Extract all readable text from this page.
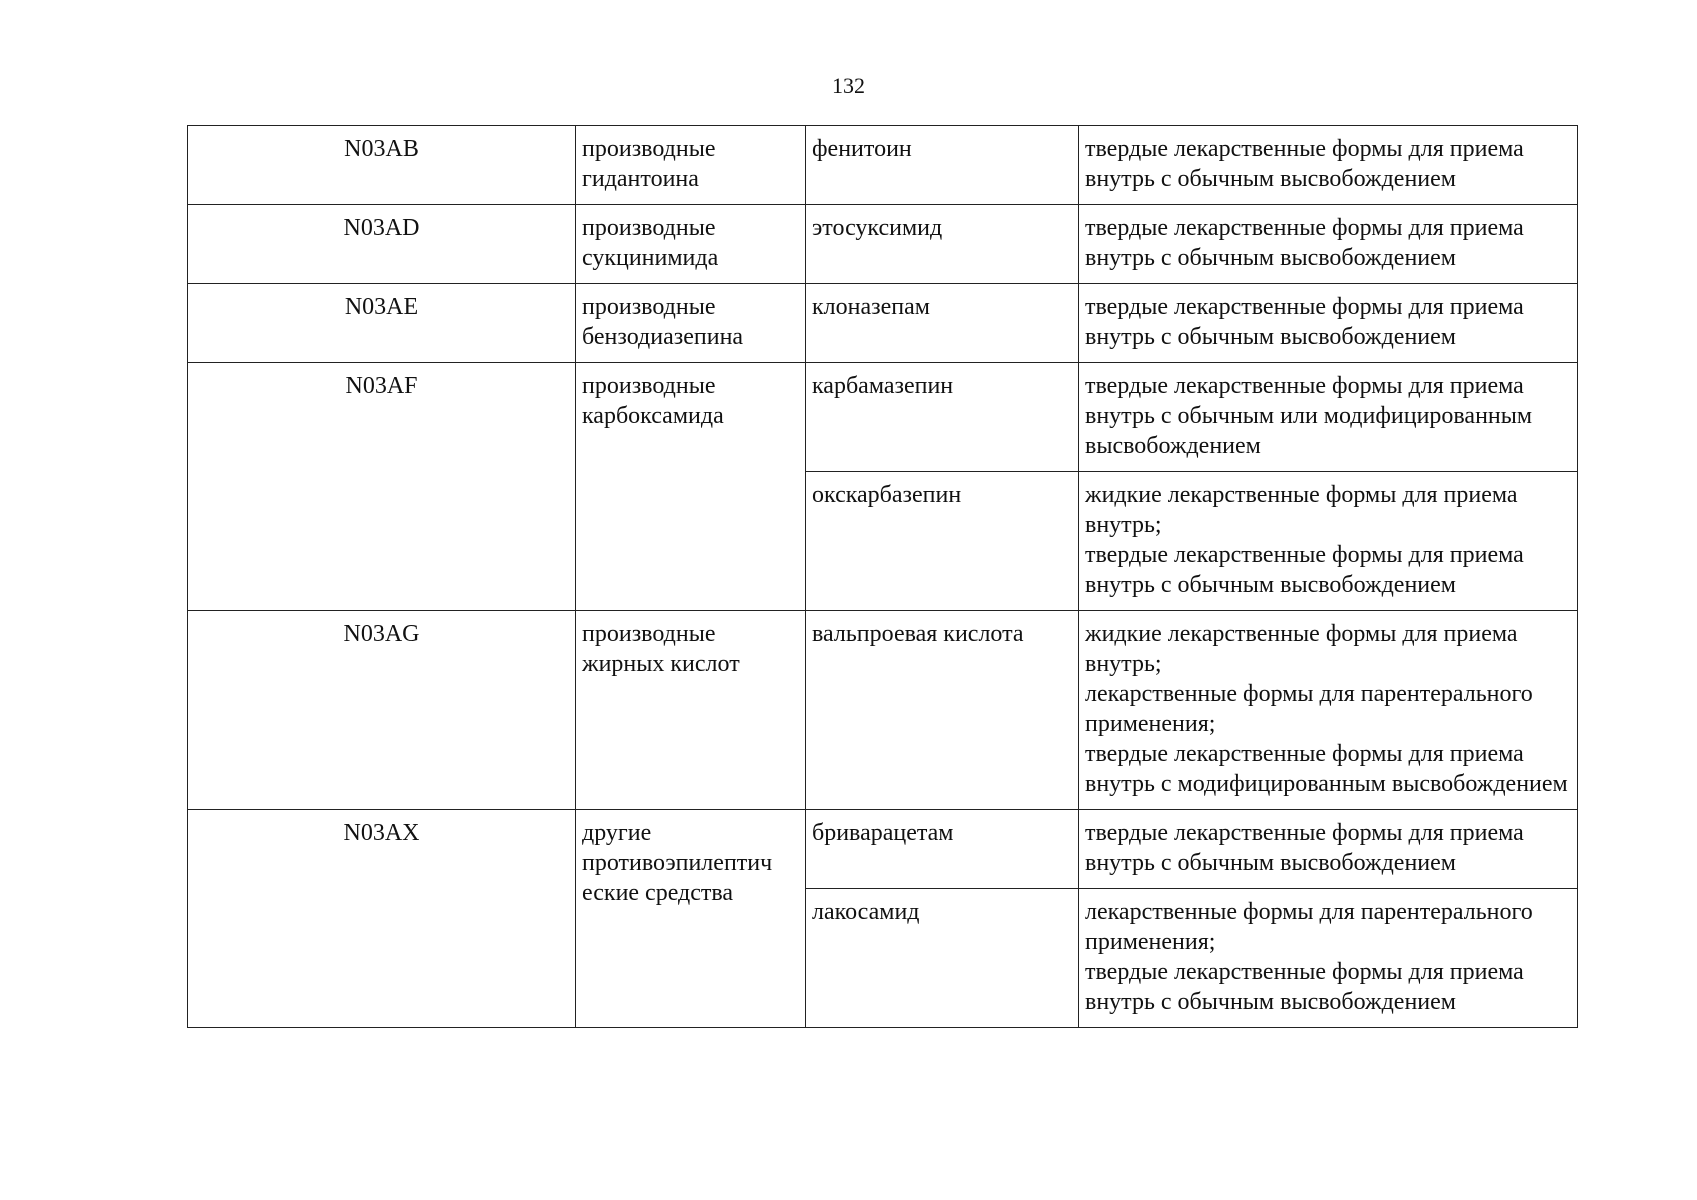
132
N03AB	производные гидантоина	фенитоин	твердые лекарственные формы для приема внутрь с обычным высвобождением

N03AD	производные сукцинимида	этосуксимид	твердые лекарственные формы для приема внутрь с обычным высвобождением

N03AE	производные бензодиазепина	клоназепам	твердые лекарственные формы для приема внутрь с обычным высвобождением

N03AF	производные карбоксамида	карбамазепин	твердые лекарственные формы для приема внутрь с обычным или модифицированным высвобождением

		окскарбазепин	жидкие лекарственные формы для приема внутрь;
твердые лекарственные формы для приема внутрь с обычным высвобождением

N03AG	производные жирных кислот	вальпроевая кислота	жидкие лекарственные формы для приема внутрь;
лекарственные формы для парентерального применения;
твердые лекарственные формы для приема внутрь с модифицированным высвобождением

N03AX	другие противоэпилептич еские средства	бриварацетам	твердые лекарственные формы для приема внутрь с обычным высвобождением

		лакосамид	лекарственные формы для парентерального применения;
твердые лекарственные формы для приема внутрь с обычным высвобождением
